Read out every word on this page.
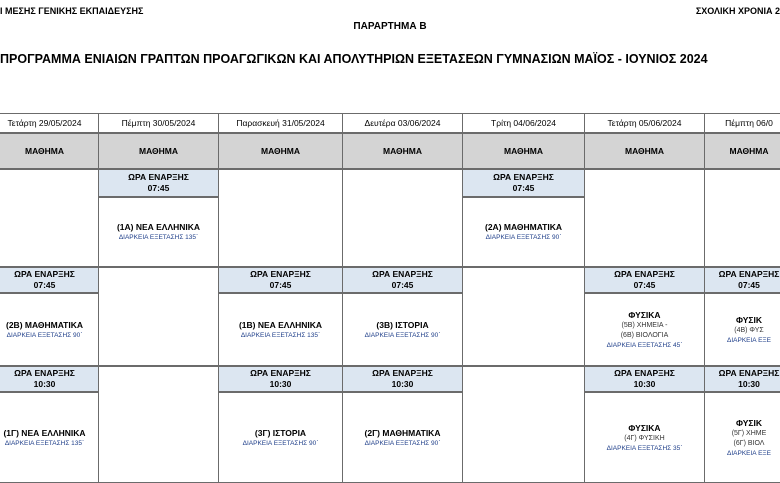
Ι ΜΕΣΗΣ ΓΕΝΙΚΗΣ ΕΚΠΑΙΔΕΥΣΗΣ	ΣΧΟΛΙΚΗ ΧΡΟΝΙΑ 2
ΠΑΡΑΡΤΗΜΑ Β
ΠΡΟΓΡΑΜΜΑ ΕΝΙΑΙΩΝ ΓΡΑΠΤΩΝ ΠΡΟΑΓΩΓΙΚΩΝ ΚΑΙ ΑΠΟΛΥΤΗΡΙΩΝ ΕΞΕΤΑΣΕΩΝ ΓΥΜΝΑΣΙΩΝ ΜΑΪΟΣ - ΙΟΥΝΙΟΣ 2024
Τετάρτη 29/05/2024
ΜΑΘΗΜΑ
ΩΡΑ ΕΝΑΡΞΗΣ
07:45
(2Β) ΜΑΘΗΜΑΤΙΚΑ
ΔΙΑΡΚΕΙΑ ΕΞΕΤΑΣΗΣ 90΄
ΩΡΑ ΕΝΑΡΞΗΣ
10:30
(1Γ) ΝΕΑ ΕΛΛΗΝΙΚΑ
ΔΙΑΡΚΕΙΑ ΕΞΕΤΑΣΗΣ 135΄
Πέμπτη 30/05/2024
ΜΑΘΗΜΑ
ΩΡΑ ΕΝΑΡΞΗΣ
07:45
(1Α) ΝΕΑ ΕΛΛΗΝΙΚΑ
ΔΙΑΡΚΕΙΑ ΕΞΕΤΑΣΗΣ 135΄
Παρασκευή 31/05/2024
ΜΑΘΗΜΑ
ΩΡΑ ΕΝΑΡΞΗΣ
07:45
(1Β) ΝΕΑ ΕΛΛΗΝΙΚΑ
ΔΙΑΡΚΕΙΑ ΕΞΕΤΑΣΗΣ 135΄
ΩΡΑ ΕΝΑΡΞΗΣ
10:30
(3Γ) ΙΣΤΟΡΙΑ
ΔΙΑΡΚΕΙΑ ΕΞΕΤΑΣΗΣ 90΄
Δευτέρα 03/06/2024
ΜΑΘΗΜΑ
ΩΡΑ ΕΝΑΡΞΗΣ
07:45
(3Β) ΙΣΤΟΡΙΑ
ΔΙΑΡΚΕΙΑ ΕΞΕΤΑΣΗΣ 90΄
ΩΡΑ ΕΝΑΡΞΗΣ
10:30
(2Γ) ΜΑΘΗΜΑΤΙΚΑ
ΔΙΑΡΚΕΙΑ ΕΞΕΤΑΣΗΣ 90΄
Τρίτη 04/06/2024
ΜΑΘΗΜΑ
ΩΡΑ ΕΝΑΡΞΗΣ
07:45
(2Α) ΜΑΘΗΜΑΤΙΚΑ
ΔΙΑΡΚΕΙΑ ΕΞΕΤΑΣΗΣ 90΄
Τετάρτη 05/06/2024
ΜΑΘΗΜΑ
ΩΡΑ ΕΝΑΡΞΗΣ
07:45
ΦΥΣΙΚΑ
(5Β) ΧΗΜΕΙΑ -
(6Β) ΒΙΟΛΟΓΙΑ
ΔΙΑΡΚΕΙΑ ΕΞΕΤΑΣΗΣ 45΄
ΩΡΑ ΕΝΑΡΞΗΣ
10:30
ΦΥΣΙΚΑ
(4Γ) ΦΥΣΙΚΗ
ΔΙΑΡΚΕΙΑ ΕΞΕΤΑΣΗΣ 35΄
Πέμπτη 06/0
ΜΑΘΗΜΑ
ΩΡΑ ΕΝΑΡΞΗΣ
07:45
ΦΥΣΙΚ
(4Β) ΦΥΣ
ΔΙΑΡΚΕΙΑ ΕΞΕ
ΩΡΑ ΕΝΑΡΞΗΣ
10:30
ΦΥΣΙΚ
(5Γ) ΧΗΜΕ
(6Γ) ΒΙΟΛ
ΔΙΑΡΚΕΙΑ ΕΞΕ
